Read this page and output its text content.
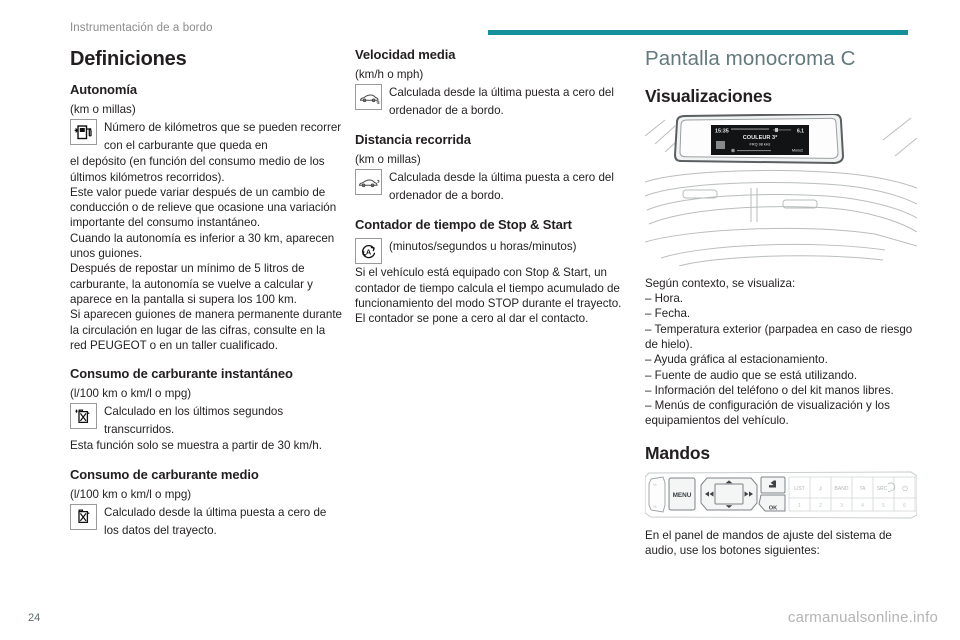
Instrumentación de a bordo
Definiciones
Autonomía

(km o millas)

Número de kilómetros que se pueden recorrer con el carburante que queda en

el depósito (en función del consumo medio de los últimos kilómetros recorridos).

Este valor puede variar después de un cambio de conducción o de relieve que ocasione una variación importante del consumo instantáneo.

Cuando la autonomía es inferior a 30 km, aparecen unos guiones.

Después de repostar un mínimo de 5 litros de carburante, la autonomía se vuelve a calcular y aparece en la pantalla si supera los 100 km.

Si aparecen guiones de manera permanente durante la circulación en lugar de las cifras, consulte en la red PEUGEOT o en un taller cualificado.

Consumo de carburante instantáneo

(l/100 km o km/l o mpg)

Calculado en los últimos segundos transcurridos.

Esta función solo se muestra a partir de 30 km/h.

Consumo de carburante medio

(l/100 km o km/l o mpg)

Calculado desde la última puesta a cero de los datos del trayecto.
Velocidad media

(km/h o mph)

Calculada desde la última puesta a cero del ordenador de a bordo.
Distancia recorrida

(km o millas)

Calculada desde la última puesta a cero del ordenador de a bordo.
Contador de tiempo de Stop & Start
A (minutos/segundos u horas/minutos)

Si el vehículo está equipado con Stop & Start, un contador de tiempo calcula el tiempo acumulado de funcionamiento del modo STOP durante el trayecto.

El contador se pone a cero al dar el contacto.

Pantalla monocroma C
Visualizaciones
15:35
COULEUR 3*
FRQ 98 kHz
Mono2
6.1

Según contexto, se visualiza:

– Hora.

– Fecha.

– Temperatura exterior (parpadea en caso de riesgo de hielo).

– Ayuda gráfica al estacionamiento.

– Fuente de audio que se está utilizando.

– Información del teléfono o del kit manos libres.

– Menús de configuración de visualización y los equipamientos del vehículo.

Mandos
%
%
MENU
OK
LIST ♪ BAND TA SRC ⏻
1	2	3	4	5	6

En el panel de mandos de ajuste del sistema de audio, use los botones siguientes:

24	carmanualsonline.info
